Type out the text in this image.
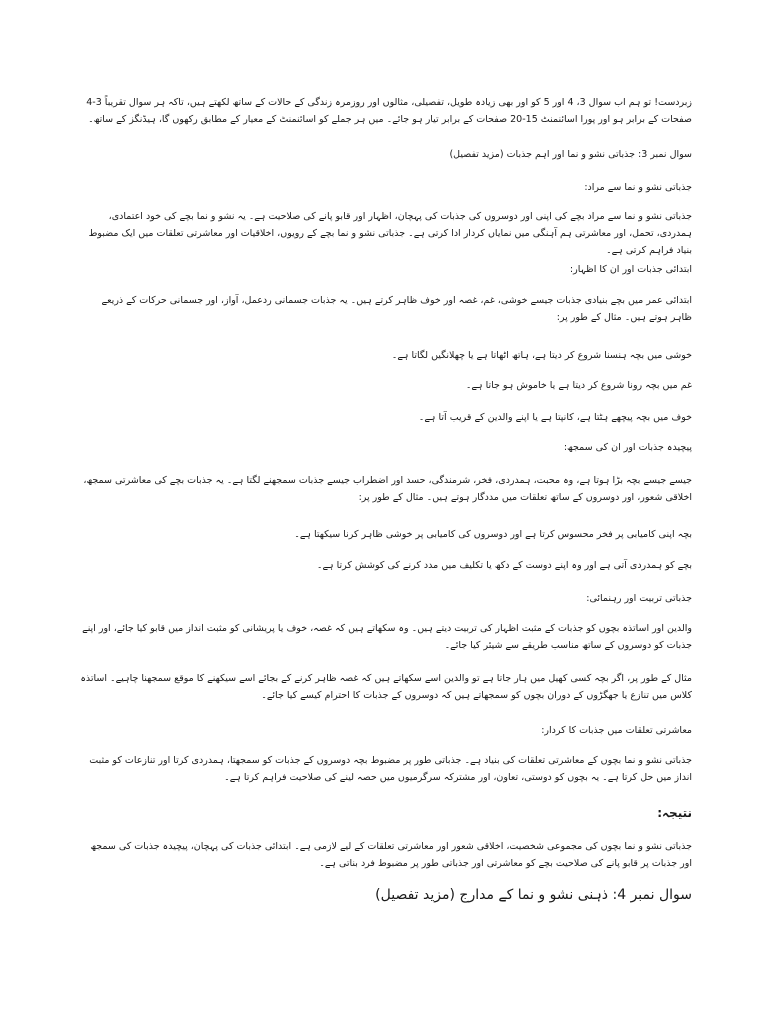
زبردست! تو ہم اب سوال 3، 4 اور 5 کو اور بھی زیادہ طویل، تفصیلی، مثالوں اور روزمرہ زندگی کے حالات کے ساتھ لکھتے ہیں، تاکہ ہر سوال تقریباً 3-4 صفحات کے برابر ہو اور پورا اسائنمنٹ 15-20 صفحات کے برابر تیار ہو جائے۔ میں ہر جملے کو اسائنمنٹ کے معیار کے مطابق رکھوں گا، ہیڈنگز کے ساتھ۔

سوال نمبر 3: جذباتی نشو و نما اور اہم جذبات (مزید تفصیل)

جذباتی نشو و نما سے مراد:

جذباتی نشو و نما سے مراد بچے کی اپنی اور دوسروں کی جذبات کی پہچان، اظہار اور قابو پانے کی صلاحیت ہے۔ یہ نشو و نما بچے کی خود اعتمادی، ہمدردی، تحمل، اور معاشرتی ہم آہنگی میں نمایاں کردار ادا کرتی ہے۔ جذباتی نشو و نما بچے کے رویوں، اخلاقیات اور معاشرتی تعلقات میں ایک مضبوط بنیاد فراہم کرتی ہے۔

ابتدائی جذبات اور ان کا اظہار:

ابتدائی عمر میں بچے بنیادی جذبات جیسے خوشی، غم، غصہ اور خوف ظاہر کرتے ہیں۔ یہ جذبات جسمانی ردعمل، آواز، اور جسمانی حرکات کے ذریعے ظاہر ہوتے ہیں۔ مثال کے طور پر:

خوشی میں بچہ ہنسنا شروع کر دیتا ہے، ہاتھ اٹھاتا ہے یا چھلانگیں لگاتا ہے۔

غم میں بچہ رونا شروع کر دیتا ہے یا خاموش ہو جاتا ہے۔

خوف میں بچہ پیچھے ہٹتا ہے، کانپتا ہے یا اپنے والدین کے قریب آتا ہے۔

پیچیدہ جذبات اور ان کی سمجھ:

جیسے جیسے بچہ بڑا ہوتا ہے، وہ محبت، ہمدردی، فخر، شرمندگی، حسد اور اضطراب جیسے جذبات سمجھنے لگتا ہے۔ یہ جذبات بچے کی معاشرتی سمجھ، اخلاقی شعور، اور دوسروں کے ساتھ تعلقات میں مددگار ہوتے ہیں۔ مثال کے طور پر:

بچہ اپنی کامیابی پر فخر محسوس کرتا ہے اور دوسروں کی کامیابی پر خوشی ظاہر کرنا سیکھتا ہے۔

بچے کو ہمدردی آتی ہے اور وہ اپنے دوست کے دکھ یا تکلیف میں مدد کرنے کی کوشش کرتا ہے۔

جذباتی تربیت اور رہنمائی:

والدین اور اساتذہ بچوں کو جذبات کے مثبت اظہار کی تربیت دیتے ہیں۔ وہ سکھاتے ہیں کہ غصہ، خوف یا پریشانی کو مثبت انداز میں قابو کیا جائے، اور اپنے جذبات کو دوسروں کے ساتھ مناسب طریقے سے شیئر کیا جائے۔

مثال کے طور پر، اگر بچہ کسی کھیل میں ہار جاتا ہے تو والدین اسے سکھاتے ہیں کہ غصہ ظاہر کرنے کے بجائے اسے سیکھنے کا موقع سمجھنا چاہیے۔ اساتذہ کلاس میں تنازع یا جھگڑوں کے دوران بچوں کو سمجھاتے ہیں کہ دوسروں کے جذبات کا احترام کیسے کیا جائے۔

معاشرتی تعلقات میں جذبات کا کردار:

جذباتی نشو و نما بچوں کے معاشرتی تعلقات کی بنیاد ہے۔ جذباتی طور پر مضبوط بچہ دوسروں کے جذبات کو سمجھتا، ہمدردی کرتا اور تنازعات کو مثبت انداز میں حل کرتا ہے۔ یہ بچوں کو دوستی، تعاون، اور مشترکہ سرگرمیوں میں حصہ لینے کی صلاحیت فراہم کرتا ہے۔

نتیجہ:

جذباتی نشو و نما بچوں کی مجموعی شخصیت، اخلاقی شعور اور معاشرتی تعلقات کے لیے لازمی ہے۔ ابتدائی جذبات کی پہچان، پیچیدہ جذبات کی سمجھ اور جذبات پر قابو پانے کی صلاحیت بچے کو معاشرتی اور جذباتی طور پر مضبوط فرد بناتی ہے۔

سوال نمبر 4: ذہنی نشو و نما کے مدارج (مزید تفصیل)
